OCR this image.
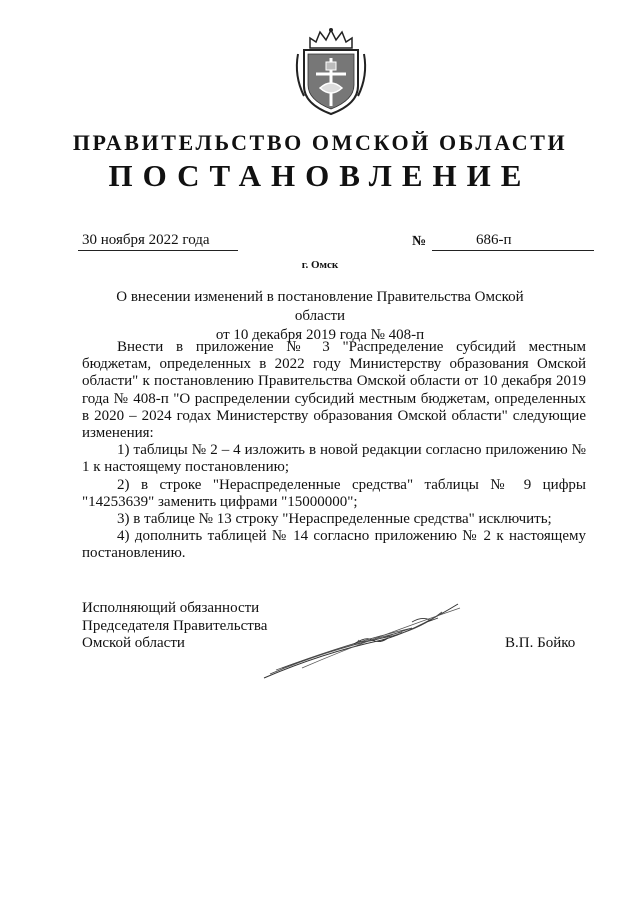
ПРАВИТЕЛЬСТВО ОМСКОЙ ОБЛАСТИ
ПОСТАНОВЛЕНИЕ
30 ноября 2022 года	№	686-п
г. Омск
О внесении изменений в постановление Правительства Омской области
от 10 декабря 2019 года № 408-п

Внести в приложение № 3 "Распределение субсидий местным бюджетам, определенных в 2022 году Министерству образования Омской области" к постановлению Правительства Омской области от 10 декабря 2019 года № 408-п "О распределении субсидий местным бюджетам, определенных в 2020 – 2024 годах Министерству образования Омской области" следующие изменения:

1) таблицы № 2 – 4 изложить в новой редакции согласно приложению № 1 к настоящему постановлению;

2) в строке "Нераспределенные средства" таблицы № 9 цифры "14253639" заменить цифрами "15000000";

3) в таблице № 13 строку "Нераспределенные средства" исключить;

4) дополнить таблицей № 14 согласно приложению № 2 к настоящему постановлению.

Исполняющий обязанности
Председателя Правительства
Омской области	В.П. Бойко
